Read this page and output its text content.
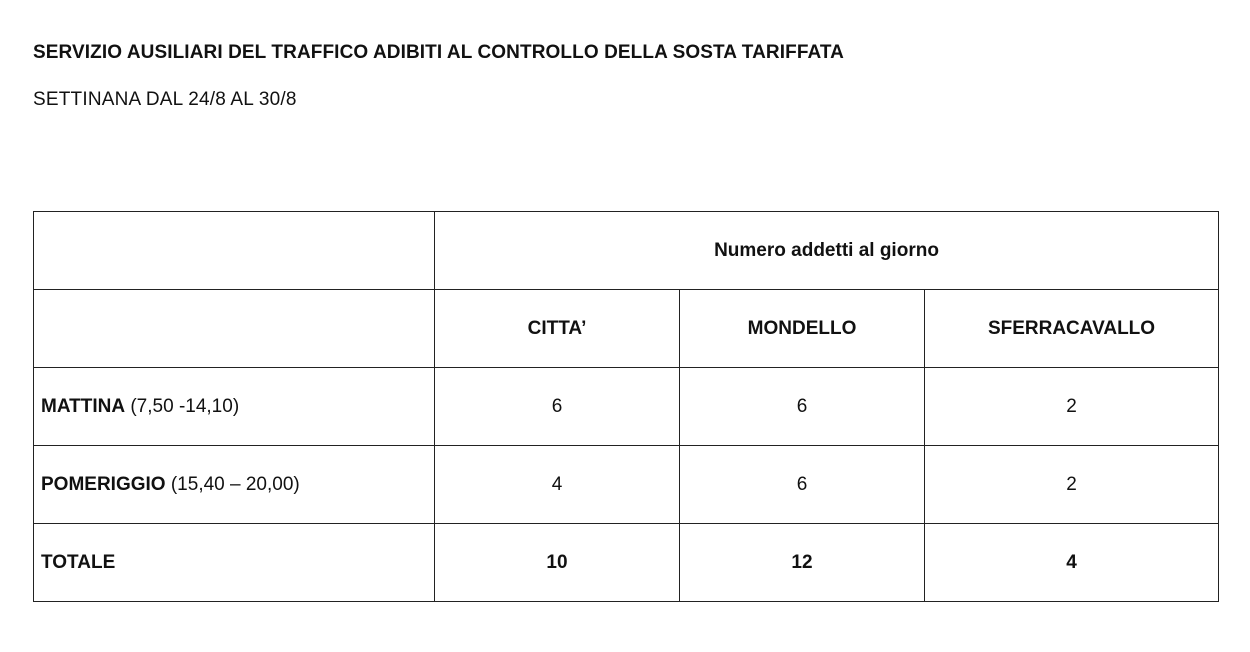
SERVIZIO AUSILIARI DEL TRAFFICO ADIBITI AL CONTROLLO DELLA SOSTA TARIFFATA
SETTINANA DAL 24/8 AL 30/8
	Numero addetti al giorno		
	CITTA’	MONDELLO	SFERRACAVALLO
MATTINA (7,50 -14,10)	6	6	2
POMERIGGIO (15,40 – 20,00)	4	6	2
TOTALE	10	12	4
